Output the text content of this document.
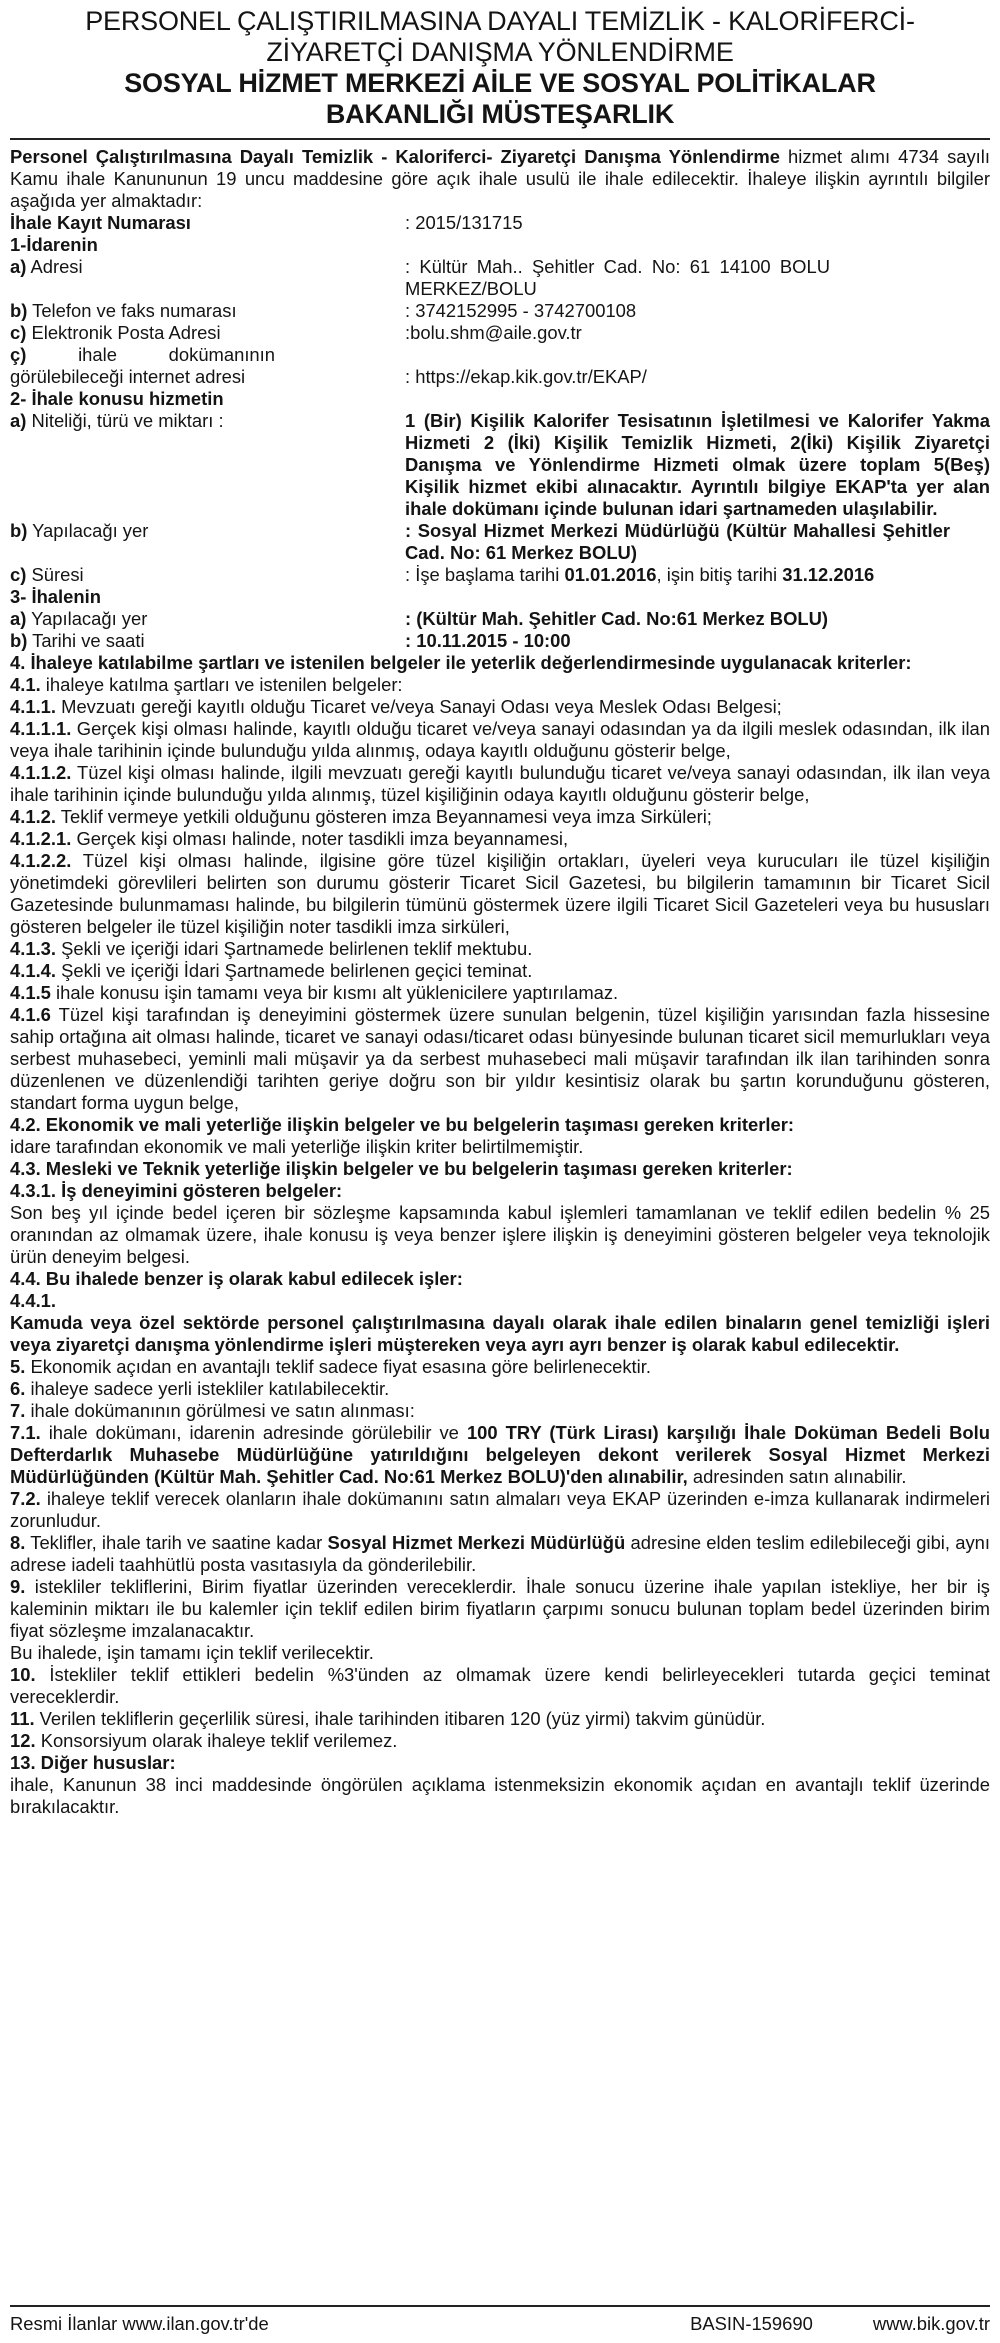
PERSONEL ÇALIŞTIRILMASINA DAYALI TEMİZLİK - KALORİFERCİ-
ZİYARETÇİ DANIŞMA YÖNLENDİRME
SOSYAL HİZMET MERKEZİ AİLE VE SOSYAL POLİTİKALAR
BAKANLIĞI MÜSTEŞARLIK

Personel Çalıştırılmasına Dayalı Temizlik - Kaloriferci- Ziyaretçi Danışma Yönlendirme hizmet alımı 4734 sayılı Kamu ihale Kanununun 19 uncu maddesine göre açık ihale usulü ile ihale edilecektir. İhaleye ilişkin ayrıntılı bilgiler aşağıda yer almaktadır:

İhale Kayıt Numarası	: 2015/131715
1-İdarenin
a) Adresi	: Kültür Mah.. Şehitler Cad. No: 61 14100 BOLU MERKEZ/BOLU
b) Telefon ve faks numarası	: 3742152995 - 3742700108
c) Elektronik Posta Adresi	:bolu.shm@aile.gov.tr
ç) ihale dokümanının görülebileceği internet adresi	: https://ekap.kik.gov.tr/EKAP/
2- İhale konusu hizmetin
a) Niteliği, türü ve miktarı :	1 (Bir) Kişilik Kalorifer Tesisatının İşletilmesi ve Kalorifer Yakma Hizmeti 2 (İki) Kişilik Temizlik Hizmeti, 2(İki) Kişilik Ziyaretçi Danışma ve Yönlendirme Hizmeti olmak üzere toplam 5(Beş) Kişilik hizmet ekibi alınacaktır. Ayrıntılı bilgiye EKAP'ta yer alan ihale dokümanı içinde bulunan idari şartnameden ulaşılabilir.
b) Yapılacağı yer	: Sosyal Hizmet Merkezi Müdürlüğü (Kültür Mahallesi Şehitler Cad. No: 61 Merkez BOLU)
c) Süresi	: İşe başlama tarihi 01.01.2016, işin bitiş tarihi 31.12.2016
3- İhalenin
a) Yapılacağı yer	: (Kültür Mah. Şehitler Cad. No:61 Merkez BOLU)
b) Tarihi ve saati	: 10.11.2015 - 10:00

4. İhaleye katılabilme şartları ve istenilen belgeler ile yeterlik değerlendirmesinde uygulanacak kriterler:

4.1. ihaleye katılma şartları ve istenilen belgeler:

4.1.1. Mevzuatı gereği kayıtlı olduğu Ticaret ve/veya Sanayi Odası veya Meslek Odası Belgesi;

4.1.1.1. Gerçek kişi olması halinde, kayıtlı olduğu ticaret ve/veya sanayi odasından ya da ilgili meslek odasından, ilk ilan veya ihale tarihinin içinde bulunduğu yılda alınmış, odaya kayıtlı olduğunu gösterir belge,

4.1.1.2. Tüzel kişi olması halinde, ilgili mevzuatı gereği kayıtlı bulunduğu ticaret ve/veya sanayi odasından, ilk ilan veya ihale tarihinin içinde bulunduğu yılda alınmış, tüzel kişiliğinin odaya kayıtlı olduğunu gösterir belge,

4.1.2. Teklif vermeye yetkili olduğunu gösteren imza Beyannamesi veya imza Sirküleri;

4.1.2.1. Gerçek kişi olması halinde, noter tasdikli imza beyannamesi,

4.1.2.2. Tüzel kişi olması halinde, ilgisine göre tüzel kişiliğin ortakları, üyeleri veya kurucuları ile tüzel kişiliğin yönetimdeki görevlileri belirten son durumu gösterir Ticaret Sicil Gazetesi, bu bilgilerin tamamının bir Ticaret Sicil Gazetesinde bulunmaması halinde, bu bilgilerin tümünü göstermek üzere ilgili Ticaret Sicil Gazeteleri veya bu hususları gösteren belgeler ile tüzel kişiliğin noter tasdikli imza sirküleri,

4.1.3. Şekli ve içeriği idari Şartnamede belirlenen teklif mektubu.

4.1.4. Şekli ve içeriği İdari Şartnamede belirlenen geçici teminat.

4.1.5 ihale konusu işin tamamı veya bir kısmı alt yüklenicilere yaptırılamaz.

4.1.6 Tüzel kişi tarafından iş deneyimini göstermek üzere sunulan belgenin, tüzel kişiliğin yarısından fazla hissesine sahip ortağına ait olması halinde, ticaret ve sanayi odası/ticaret odası bünyesinde bulunan ticaret sicil memurlukları veya serbest muhasebeci, yeminli mali müşavir ya da serbest muhasebeci mali müşavir tarafından ilk ilan tarihinden sonra düzenlenen ve düzenlendiği tarihten geriye doğru son bir yıldır kesintisiz olarak bu şartın korunduğunu gösteren, standart forma uygun belge,

4.2. Ekonomik ve mali yeterliğe ilişkin belgeler ve bu belgelerin taşıması gereken kriterler:

idare tarafından ekonomik ve mali yeterliğe ilişkin kriter belirtilmemiştir.

4.3. Mesleki ve Teknik yeterliğe ilişkin belgeler ve bu belgelerin taşıması gereken kriterler:

4.3.1. İş deneyimini gösteren belgeler:

Son beş yıl içinde bedel içeren bir sözleşme kapsamında kabul işlemleri tamamlanan ve teklif edilen bedelin % 25 oranından az olmamak üzere, ihale konusu iş veya benzer işlere ilişkin iş deneyimini gösteren belgeler veya teknolojik ürün deneyim belgesi.

4.4. Bu ihalede benzer iş olarak kabul edilecek işler:

4.4.1.

Kamuda veya özel sektörde personel çalıştırılmasına dayalı olarak ihale edilen binaların genel temizliği işleri veya ziyaretçi danışma yönlendirme işleri müştereken veya ayrı ayrı benzer iş olarak kabul edilecektir.

5. Ekonomik açıdan en avantajlı teklif sadece fiyat esasına göre belirlenecektir.

6. ihaleye sadece yerli istekliler katılabilecektir.

7. ihale dokümanının görülmesi ve satın alınması:

7.1. ihale dokümanı, idarenin adresinde görülebilir ve 100 TRY (Türk Lirası) karşılığı İhale Doküman Bedeli Bolu Defterdarlık Muhasebe Müdürlüğüne yatırıldığını belgeleyen dekont verilerek Sosyal Hizmet Merkezi Müdürlüğünden (Kültür Mah. Şehitler Cad. No:61 Merkez BOLU)'den alınabilir, adresinden satın alınabilir.

7.2. ihaleye teklif verecek olanların ihale dokümanını satın almaları veya EKAP üzerinden e-imza kullanarak indirmeleri zorunludur.

8. Teklifler, ihale tarih ve saatine kadar Sosyal Hizmet Merkezi Müdürlüğü adresine elden teslim edilebileceği gibi, aynı adrese iadeli taahhütlü posta vasıtasıyla da gönderilebilir.

9. istekliler tekliflerini, Birim fiyatlar üzerinden vereceklerdir. İhale sonucu üzerine ihale yapılan istekliye, her bir iş kaleminin miktarı ile bu kalemler için teklif edilen birim fiyatların çarpımı sonucu bulunan toplam bedel üzerinden birim fiyat sözleşme imzalanacaktır.

Bu ihalede, işin tamamı için teklif verilecektir.

10. İstekliler teklif ettikleri bedelin %3'ünden az olmamak üzere kendi belirleyecekleri tutarda geçici teminat vereceklerdir.

11. Verilen tekliflerin geçerlilik süresi, ihale tarihinden itibaren 120 (yüz yirmi) takvim günüdür.

12. Konsorsiyum olarak ihaleye teklif verilemez.

13. Diğer hususlar:

ihale, Kanunun 38 inci maddesinde öngörülen açıklama istenmeksizin ekonomik açıdan en avantajlı teklif üzerinde bırakılacaktır.

Resmi İlanlar www.ilan.gov.tr'de	BASIN-159690	www.bik.gov.tr
